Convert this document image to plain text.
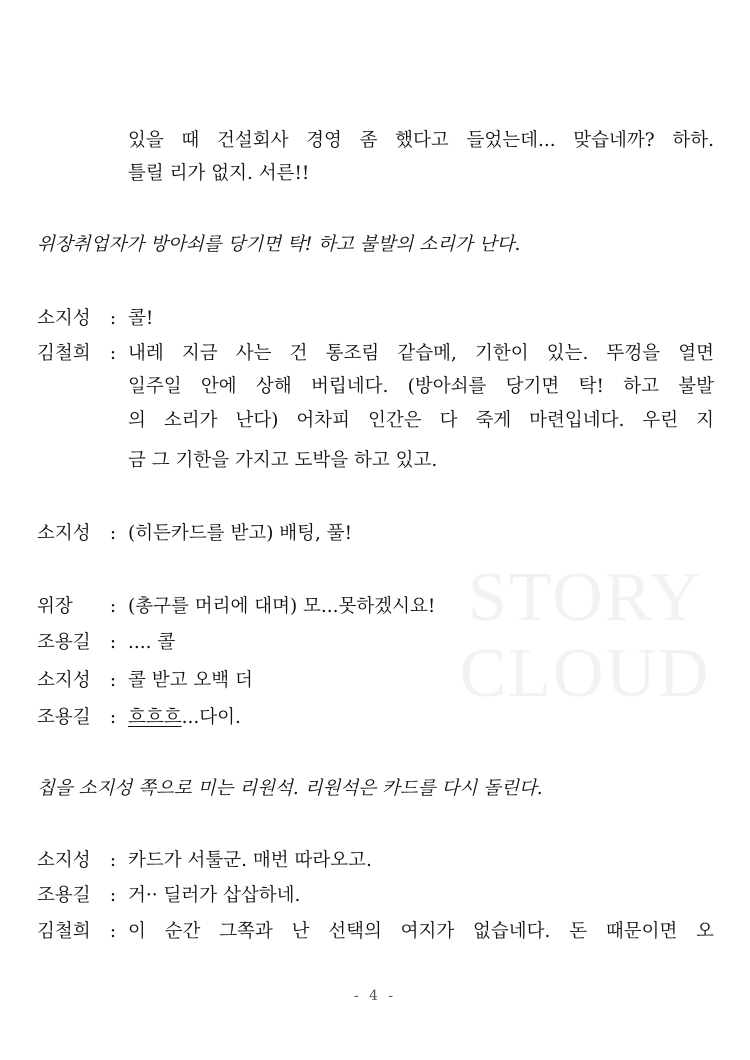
STORY
CLOUD
있을 때 건설회사 경영 좀 했다고 들었는데... 맞습네까? 하하.
틀릴 리가 없지. 서른!!
위장취업자가 방아쇠를 당기면 탁! 하고 불발의 소리가 난다.
소지성	: 콜!
김철희	: 내레 지금 사는 건 통조림 같습메, 기한이 있는. 뚜껑을 열면
일주일 안에 상해 버립네다. (방아쇠를 당기면 탁! 하고 불발
의 소리가 난다) 어차피 인간은 다 죽게 마련입네다. 우린 지
금 그 기한을 가지고 도박을 하고 있고.
소지성	: (히든카드를 받고) 배팅, 풀!
위장	: (총구를 머리에 대며) 모...못하겠시요!
조용길	: .... 콜
소지성	: 콜 받고 오백 더
조용길	: 흐흐흐...다이.
칩을 소지성 쪽으로 미는 리원석. 리원석은 카드를 다시 돌린다.
소지성	: 카드가 서툴군. 매번 따라오고.
조용길	: 거·· 딜러가 삽삽하네.
김철희	: 이 순간 그쪽과 난 선택의 여지가 없습네다. 돈 때문이면 오
- 4 -
